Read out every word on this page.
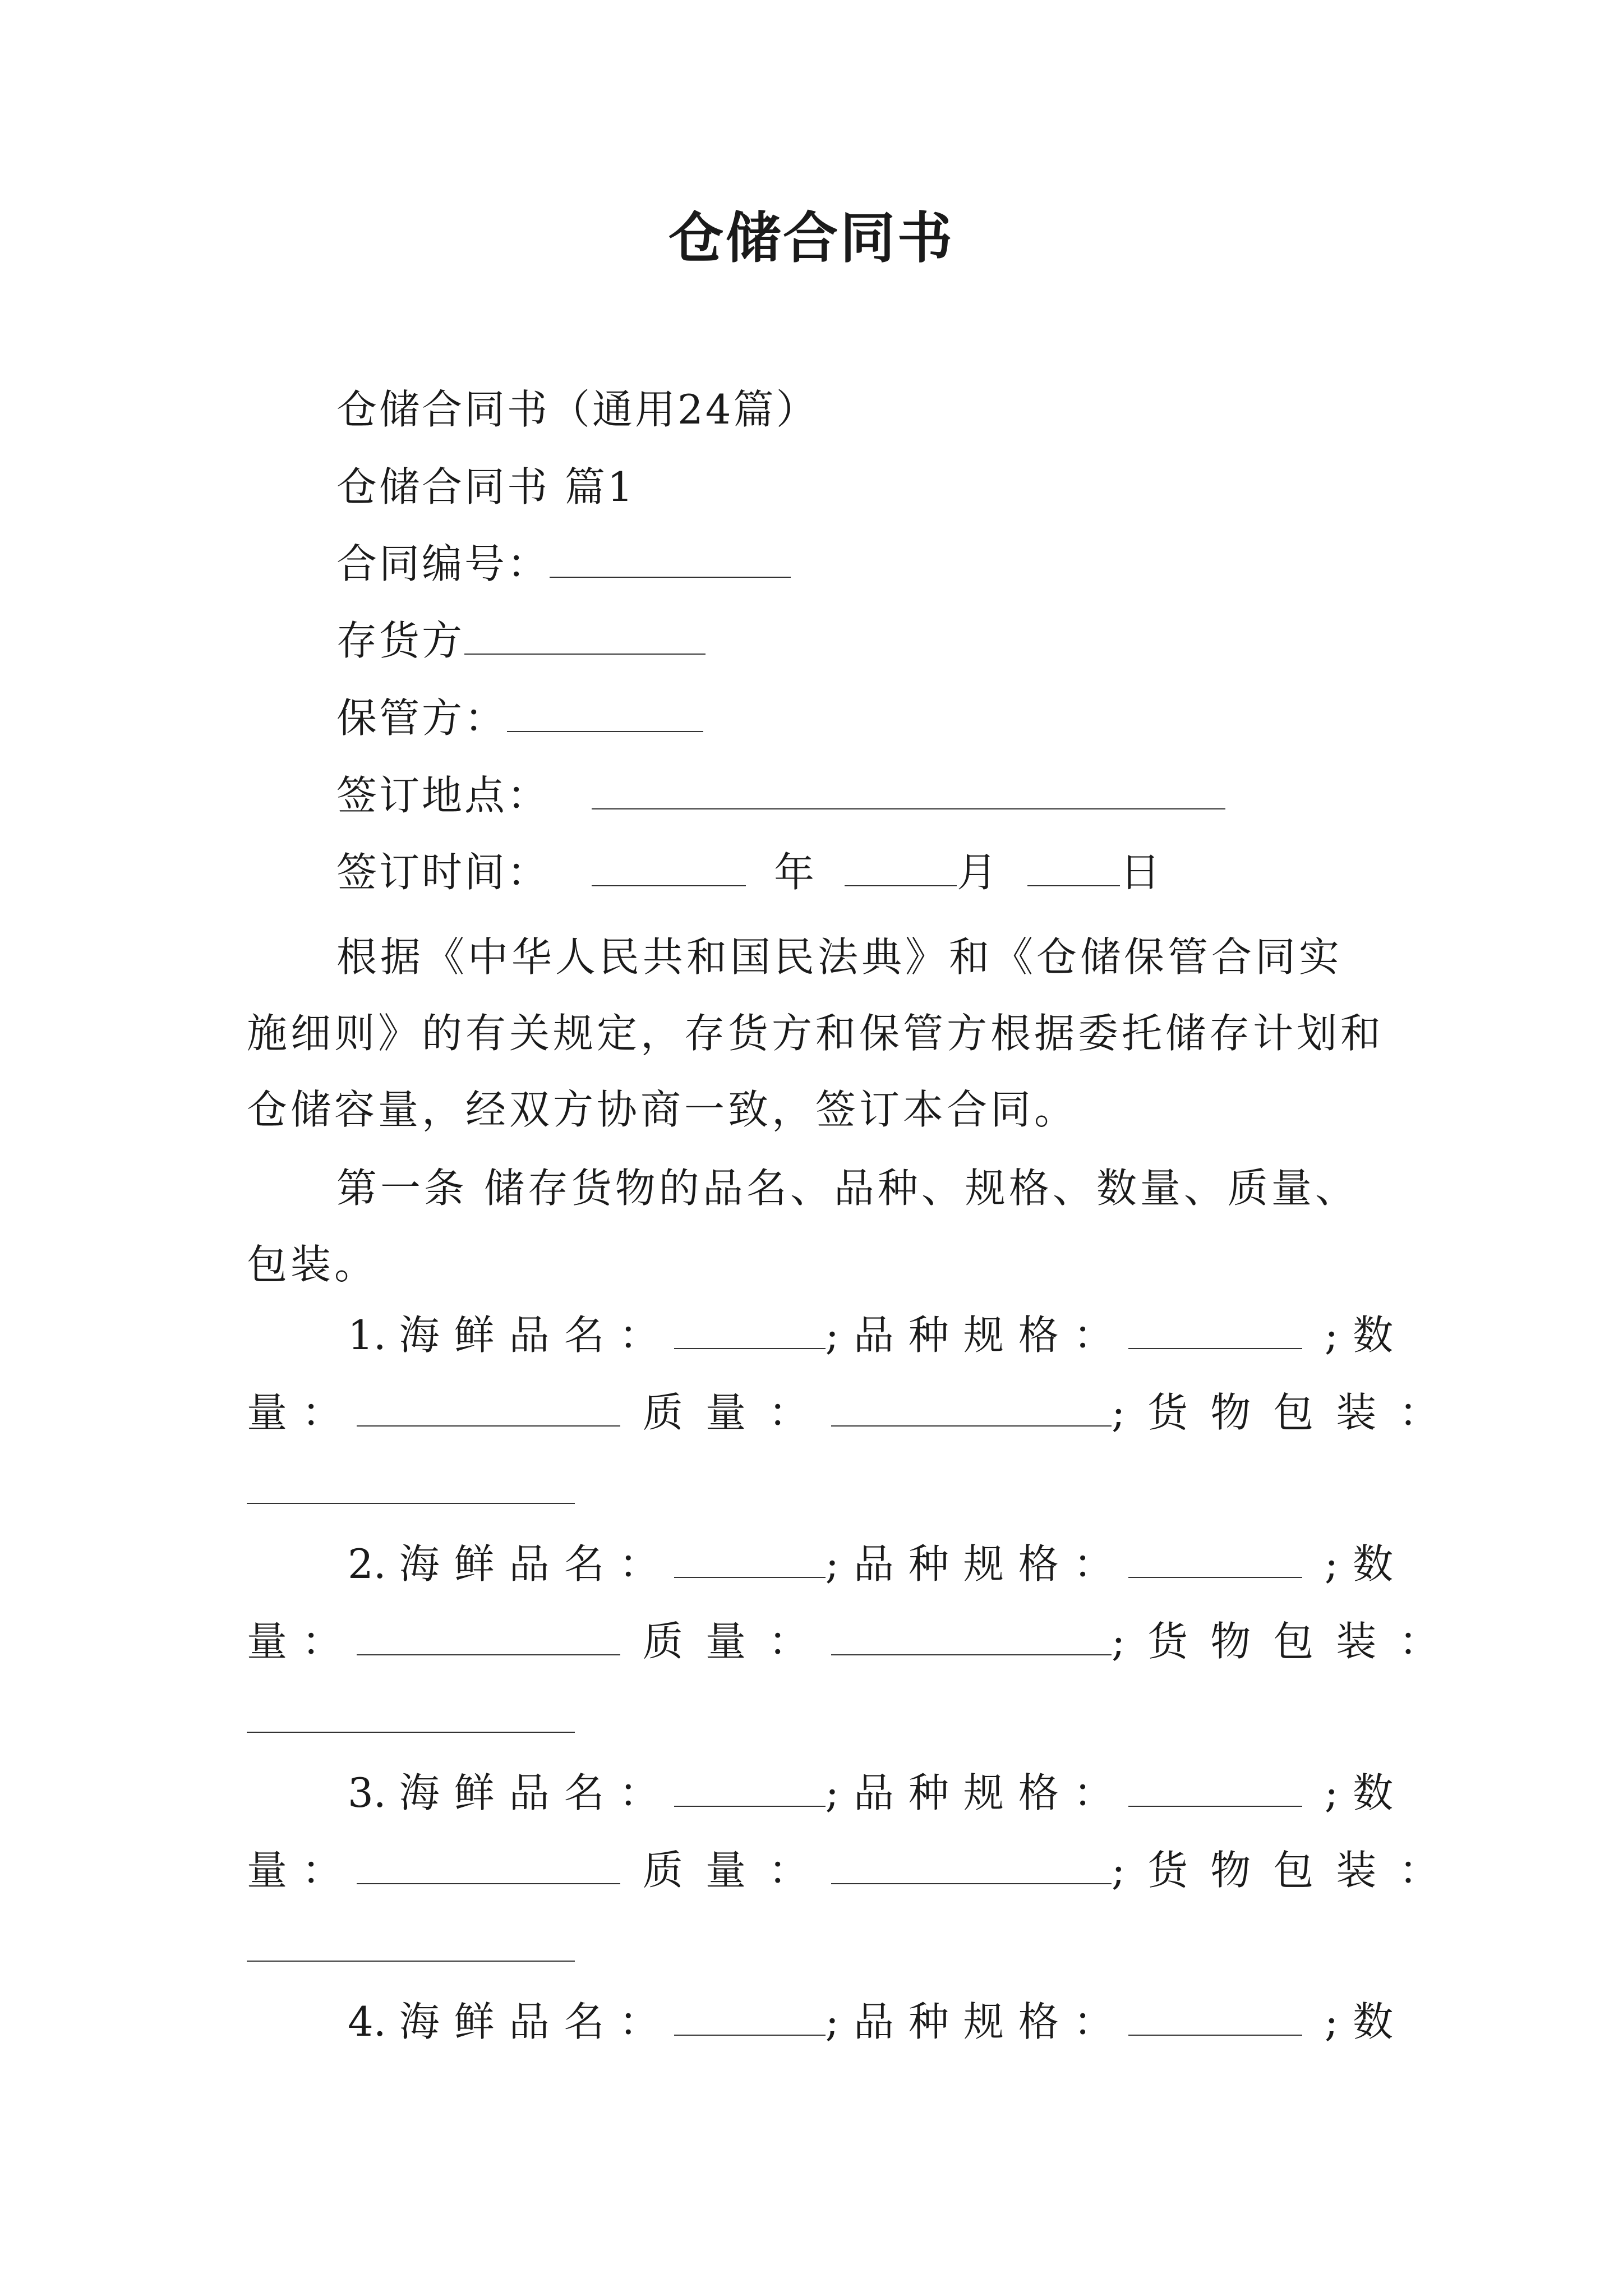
仓储合同书
仓储合同书（通用24篇）
仓储合同书 篇1
合同编号：
存货方
保管方：
签订地点：
签订时间：	年	月	日
根据《中华人民共和国民法典》和《仓储保管合同实施细则》的有关规定，存货方和保管方根据委托储存计划和仓储容量，经双方协商一致，签订本合同。
第一条 储存货物的品名、品种、规格、数量、质量、包装。
1. 海鲜品名：	;品种规格：	;数
量：	质量：	;货物包装：
2. 海鲜品名：	;品种规格：	;数
量：	质量：	;货物包装：
3. 海鲜品名：	;品种规格：	;数
量：	质量：	;货物包装：
4. 海鲜品名：	;品种规格：	;数
